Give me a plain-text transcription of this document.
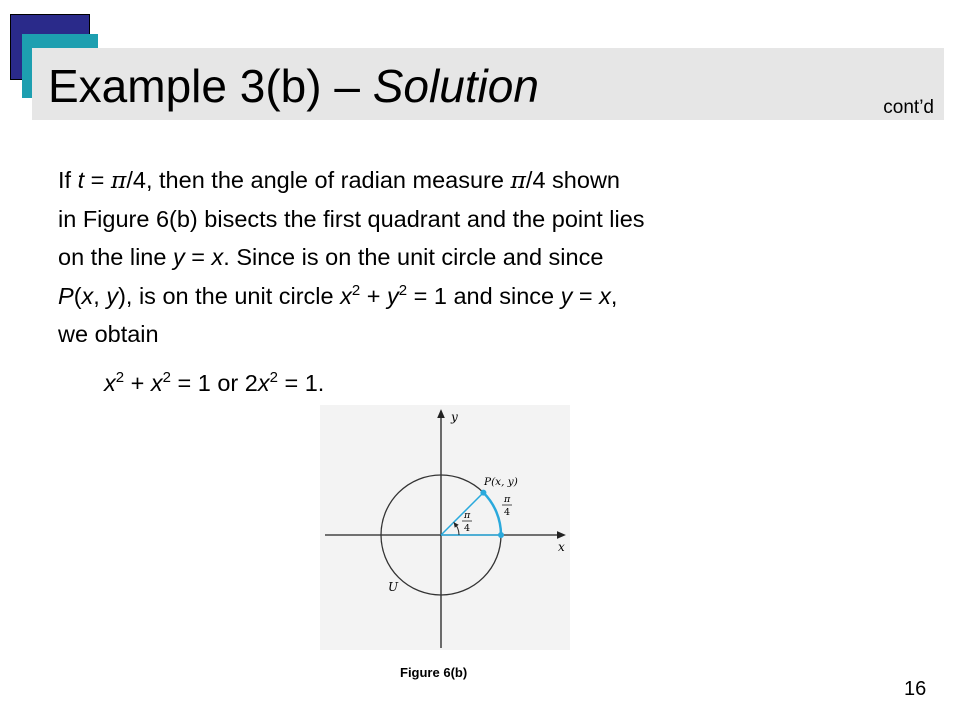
Example 3(b) – Solution	cont’d

If t = π/4, then the angle of radian measure π/4 shown

in Figure 6(b) bisects the first quadrant and the point lies

on the line y = x. Since is on the unit circle and since

P(x, y), is on the unit circle $x^2 + y^2 = 1$ and since y = x,

we obtain

$x^2 + x^2 = 1$ or $2x^2 = 1$.
y
x
P(x, y)
U
π
4
π
4
Figure 6(b)
16
